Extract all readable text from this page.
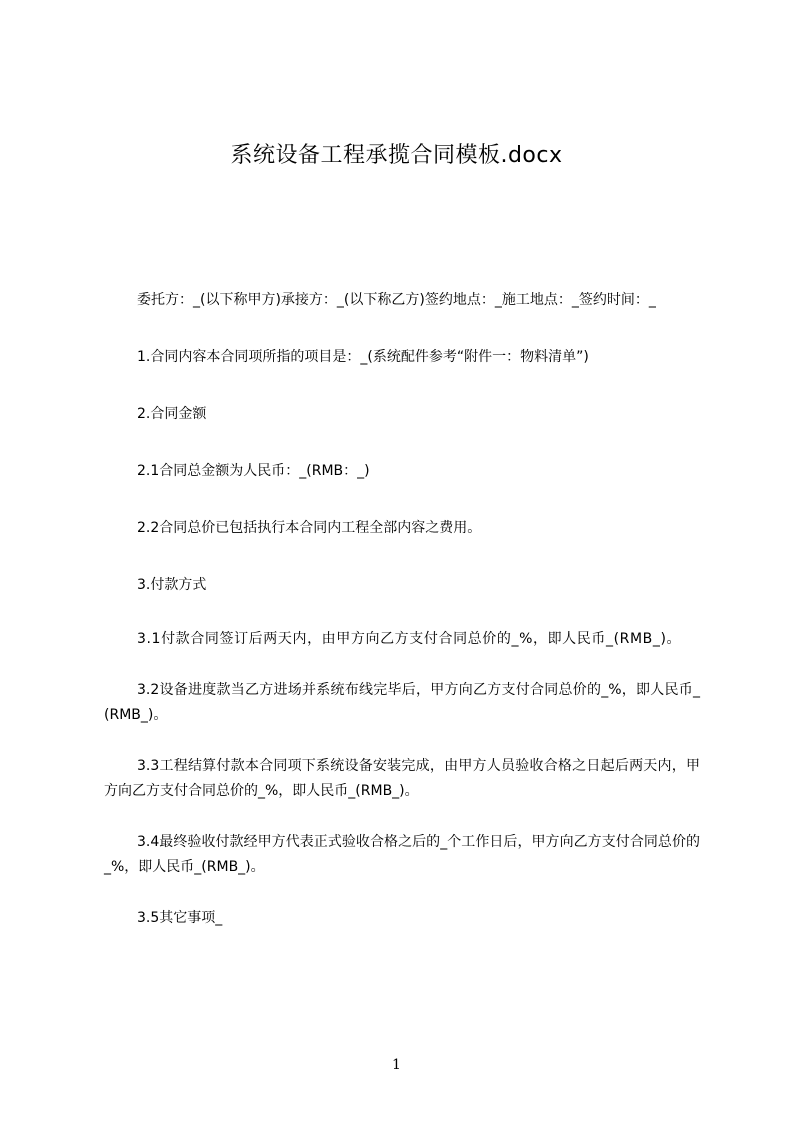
系统设备工程承揽合同模板.docx

委托方：_(以下称甲方)承接方：_(以下称乙方)签约地点：_施工地点：_签约时间：_

1.合同内容本合同项所指的项目是：_(系统配件参考“附件一：物料清单”)

2.合同金额

2.1合同总金额为人民币：_(RMB：_)

2.2合同总价已包括执行本合同内工程全部内容之费用。

3.付款方式

3.1付款合同签订后两天内，由甲方向乙方支付合同总价的_%，即人民币_(RMB_)。

3.2设备进度款当乙方进场并系统布线完毕后，甲方向乙方支付合同总价的_%，即人民币_(RMB_)。

3.3工程结算付款本合同项下系统设备安装完成，由甲方人员验收合格之日起后两天内，甲方向乙方支付合同总价的_%，即人民币_(RMB_)。

3.4最终验收付款经甲方代表正式验收合格之后的_个工作日后，甲方向乙方支付合同总价的_%，即人民币_(RMB_)。

3.5其它事项_

1
